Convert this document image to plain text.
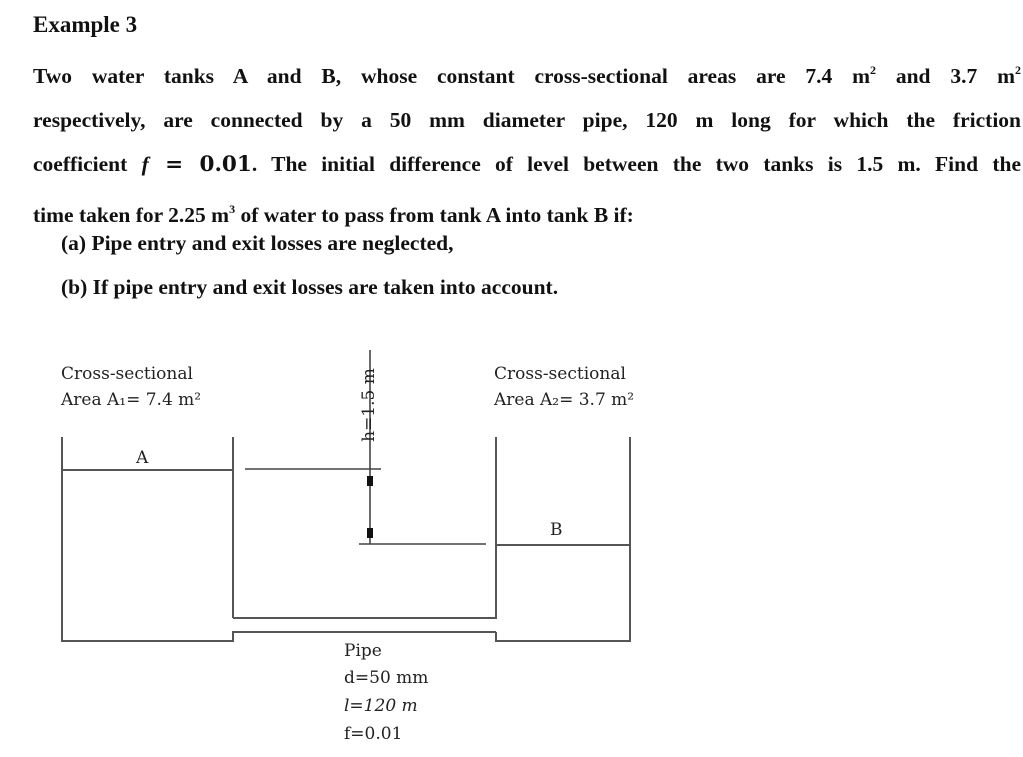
Example 3
Two water tanks A and B, whose constant cross-sectional areas are 7.4 $m^2$ and 3.7 $m^2$
respectively, are connected by a 50 mm diameter pipe, 120 m long for which the friction
coefficient f = 0.01. The initial difference of level between the two tanks is 1.5 m. Find the
time taken for 2.25 $m^3$ of water to pass from tank A into tank B if:
(a) Pipe entry and exit losses are neglected,
(b) If pipe entry and exit losses are taken into account.
Cross-sectional
Area A₁= 7.4 m²
A
Cross-sectional
Area A₂= 3.7 m²
B
h=1.5 m
Pipe
d=50 mm
l=120 m
f=0.01
